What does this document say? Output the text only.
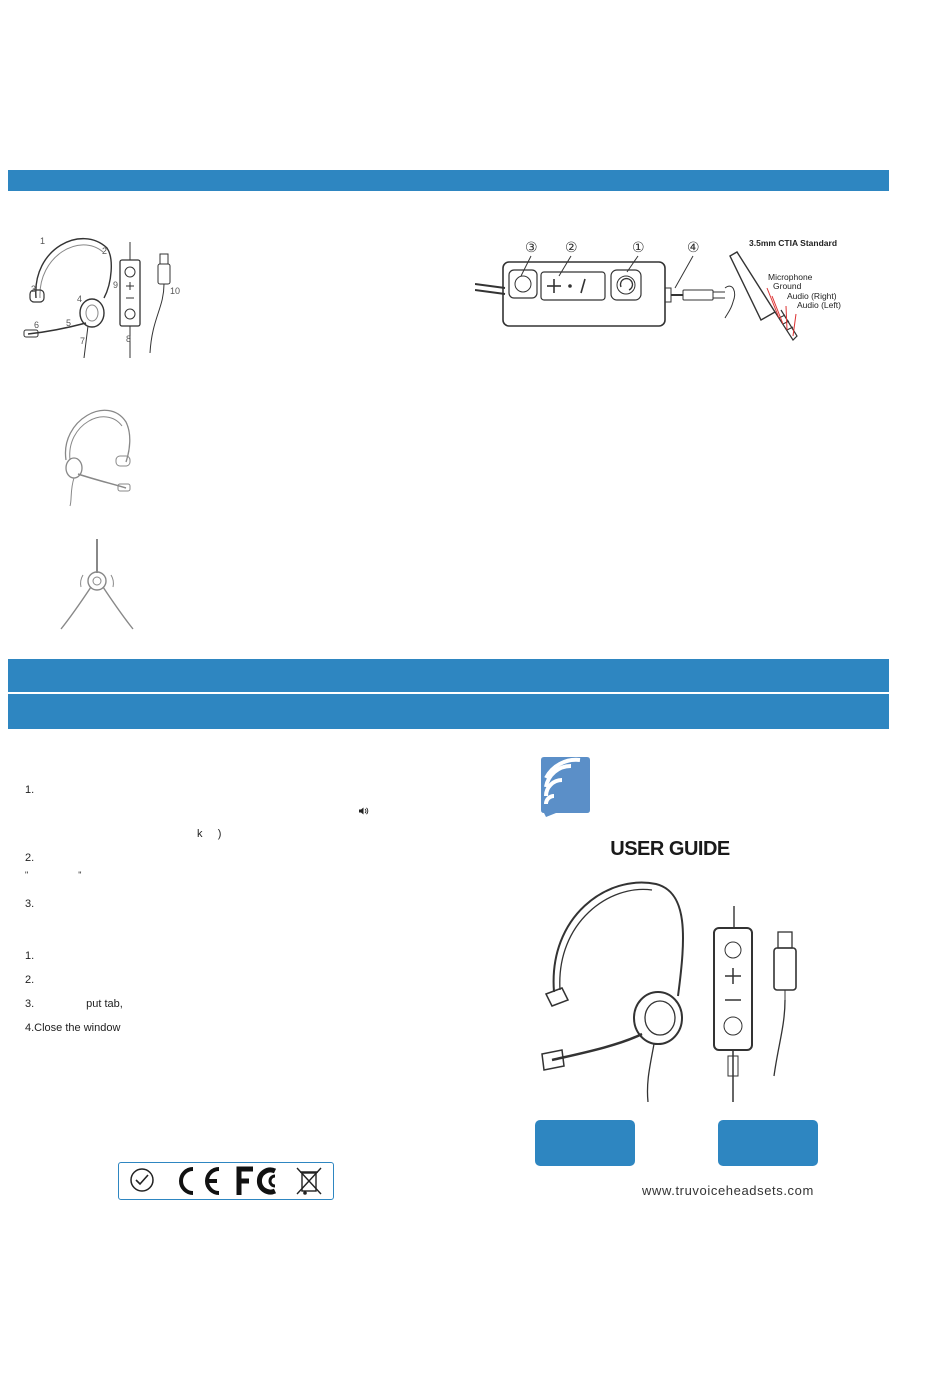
1
2
3
4
5
6
7	8
9
10
③ ②	①	④	3.5mm CTIA Standard
Microphone
Ground
Audio (Right)
Audio (Left)
1.
k     )
2.
"                    "
3.
1.
2.
3.                 put tab,
4.Close the window
USER GUIDE
www.truvoiceheadsets.com
